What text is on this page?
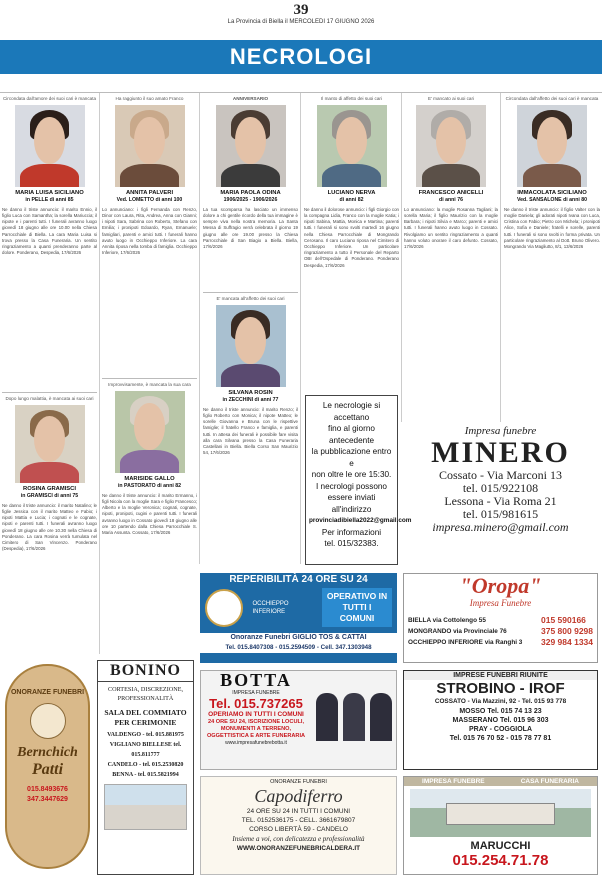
39
La Provincia di Biella il MERCOLEDI 17 GIUGNO 2026
NECROLOGI
Circondata dall'amore dei suoi cari è mancata
MARIA LUISA SICILIANO
in PELLE di anni 85
Ne danno il triste annuncio: il marito Ennio, il figlio Luca con Samantha; la sorella Mariuccia; il nipote e i parenti tutti. I funerali avranno luogo giovedì 18 giugno alle ore 10.00 nella Chiesa Parrocchiale di Biella. La cara Maria Luisa si trova presso la Casa Funeraria. Un sentito ringraziamento a quanti prenderanno parte al dolore. Ponderano, Despedia, 17/6/2026
Ha raggiunto il suo amato Franco
ANNITA PALVERI
Ved. LOMETTO di anni 100
Lo annunciano: i figli Fernanda con Renzo, Dinor con Laura, Rita, Andrea, Anna con Gianni; i nipoti Sara, Sabrina con Roberto, Stefano con Emilia; i pronipoti Edoardo, Ryan, Emanuele; famigliari, parenti e amici tutti. I funerali hanno avuto luogo in Occhieppo Inferiore. La cara Annita riposa nella tomba di famiglia. Occhieppo Inferiore, 17/6/2026
ANNIVERSARIO
MARIA PAOLA ODINA
1906/2025 - 1906/2026
La tua scomparsa ha lasciato un immenso dolore a chi gentile ricordo della tua immagine è sempre viva nella nostra memoria. La Santa Messa di Suffragio verrà celebrata il giorno 19 giugno alle ore 19.00 presso la Chiesa Parrocchiale di San Biagio a Biella. Biella, 17/6/2026
Il manto di affetto dei suoi cari
LUCIANO NERVA
di anni 82
Ne danno il dolorose annuncio: i figli Giorgio con la compagna Lidia, Franco con la moglie Katia; i nipoti Sabina, Mattia, Monica e Martina; parenti tutti. I funerali si sono svolti martedì 16 giugno nella Chiesa Parrocchiale di Mongrando Cerosano. Il caro Luciano riposa nel Cimitero di Occhieppo Inferiore. Un particolare ringraziamento a tutto il Personale del Reparto OBI dell'Ospedale di Ponderano. Ponderano Despedia, 17/6/2026
E' mancato ai suoi cari
FRANCESCO ANICELLI
di anni 76
Lo annunciano: la moglie Rosanna Tagliani; la sorella Maria; il figlio Maurizio con la moglie Barbara; i nipoti Silvia e Marco; parenti e amici tutti. I funerali hanno avuto luogo in Cossato. Rivolgiamo un sentito ringraziamento a quanti hanno voluto onorare il caro defunto. Cossato, 17/6/2026
Circondata dall'affetto dei suoi cari è mancata
IMMACOLATA SICILIANO
Ved. SANSALONE di anni 80
Ne danno il triste annuncio: il figlio Valter con la moglie Daniela; gli adorati nipoti Ivana con Luca, Cristina con Fabio; Pietro con Michela; i pronipoti Alice, Sofia e Daniele; fratelli e sorelle, parenti tutti. I funerali si sono svolti in forma privata. Un particolare ringraziamento al Dott. Bruno Olivero. Mongrando Via Magliutto, 8/1, 13/6/2026
Dopo lungo malattia, è mancata ai suoi cari
ROSINA GRAMISCI
in GRAMISCI di anni 75
Ne danno il triste annuncio: il marito Natalino; le figlie Jessica con il marito Matteo e Fabio; i nipoti Mattia e Lucia; i cognati e le cognate, nipoti e parenti tutti. I funerali avranno luogo giovedì 18 giugno alle ore 10.30 nella Chiesa di Ponderano. La cara Rosina verrà tumulata nel Cimitero di San Vincenzo. Ponderano (Despedia), 17/6/2026
Improvvisamente, è mancata la sua cara
MARISIDE GALLO
in PASTORATO di anni 82
Ne danno il triste annuncio: il marito Ermanno, i figli Nicola con la moglie Sara e figlio Francesco; Alberto e la moglie Veronica; cognati, cognate, nipoti, pronipoti, cugini e parenti tutti. I funerali avranno luogo in Cossato giovedì 18 giugno alle ore 10 partendo dalla Chiesa Parrocchiale S. Maria Assunta. Cossato, 17/6/2026
E' mancata all'affetto dei suoi cari
SILVANA ROSIN
in ZECCHINI di anni 77
Ne danno il triste annuncio: il marito Renzo; il figlio Roberto con Monica; il nipote Matteo; le sorelle Giovanna e Bruna con le rispettive famiglie; il fratello Franco e famiglia, e parenti tutti. In attesa dei funerali è possibile fare visita alla cara Silvana presso la Casa Funeraria Castellani in Biella. Biella Corso San Maurizio 54, 17/6/2026
Le necrologie si accettano
fino al giorno antecedente
la pubblicazione entro e
non oltre le ore 15:30.
I necrologi possono
essere inviati all'indirizzo
provinciadibiella2022@gmail.com
Per informazioni
tel. 015/32383.
Impresa funebre
MINERO
Cossato - Via Marconi 13
tel. 015/922108
Lessona - Via Roma 21
tel. 015/981615
impresa.minero@gmail.com
REPERIBILITÀ 24 ORE SU 24
OCCHIEPPO INFERIORE
OPERATIVO IN TUTTI I COMUNI
Onoranze Funebri GIGLIO TOS & CATTAI
Tel. 015.8407308 - 015.2594509 - Cell. 347.1303948
"Oropa"
Impresa Funebre
BIELLA via Cottolengo 55
MONGRANDO via Provinciale 76
OCCHIEPPO INFERIORE via Ranghi 3
015 590166
375 800 9298
329 984 1334
BOTTA
IMPRESA FUNEBRE
Tel. 015.737265
OPERIAMO IN TUTTI I COMUNI
24 ORE SU 24, ISCRIZIONE LOCULI, MONUMENTI A TERRENO, OGGETTISTICA E ARTE FUNERARIA
www.impresafunebrebotta.it
IMPRESE FUNEBRI RIUNITE
STROBINO - IROF
COSSATO - Via Mazzini, 92 - Tel. 015 93 778
MOSSO Tel. 015 74 13 23
MASSERANO Tel. 015 96 303
PRAY - COGGIOLA
Tel. 015 76 70 52 - 015 78 77 81
ONORANZE FUNEBRI
Capodiferro
24 ORE SU 24 IN TUTTI I COMUNI
TEL. 0152536175 - CELL. 3661679807
CORSO LIBERTÀ 59 - CANDELO
Insieme a voi, con delicatezza e professionalità
WWW.ONORANZEFUNEBRICALDERA.IT
IMPRESA FUNEBRE	CASA FUNERARIA
MARUCCHI
015.254.71.78
ONORANZE FUNEBRI
Bernchich
Patti
015.8493676
347.3447629
BONINO
CORTESIA, DISCREZIONE, PROFESSIONALITÀ
SALA DEL COMMIATO PER CERIMONIE
VALDENGO - tel. 015.881975
VIGLIANO BIELLESE tel. 015.811777
CANDELO - tel. 015.2530820
BENNA - tel. 015.5821994
